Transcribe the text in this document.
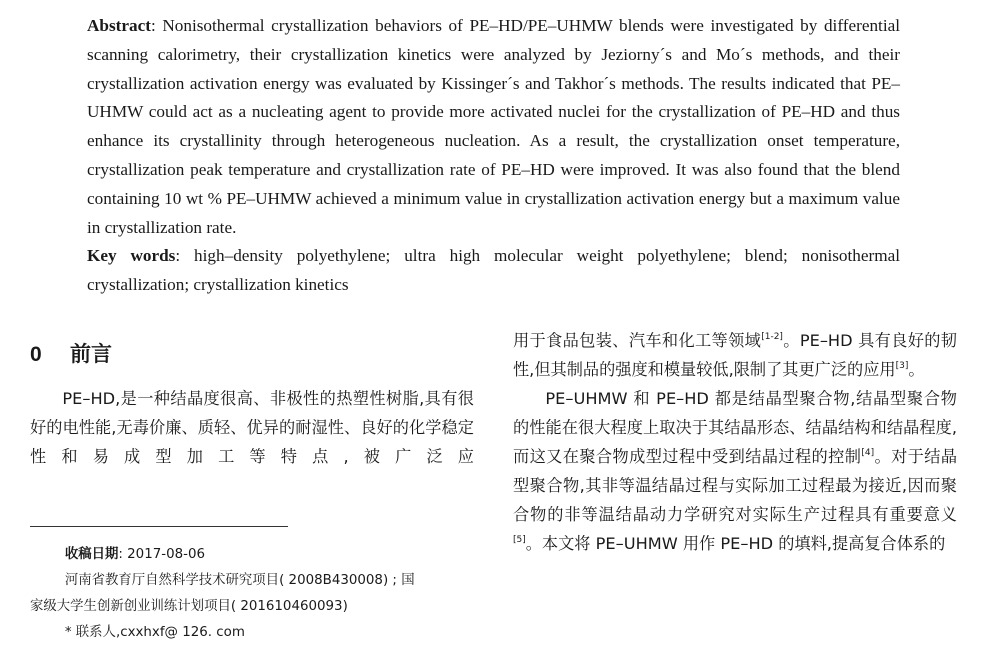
Abstract: Nonisothermal crystallization behaviors of PE–HD/PE–UHMW blends were investigated by differential scanning calorimetry, their crystallization kinetics were analyzed by Jeziorny´s and Mo´s methods, and their crystallization activation energy was evaluated by Kissinger´s and Takhor´s methods. The results indicated that PE–UHMW could act as a nucleating agent to provide more activated nuclei for the crystallization of PE–HD and thus enhance its crystallinity through heterogeneous nucleation. As a result, the crystallization onset temperature, crystallization peak temperature and crystallization rate of PE–HD were improved. It was also found that the blend containing 10 wt % PE–UHMW achieved a minimum value in crystallization activation energy but a maximum value in crystallization rate.

Key words: high–density polyethylene; ultra high molecular weight polyethylene; blend; nonisothermal crystallization; crystallization kinetics

0 前言

PE–HD,是一种结晶度很高、非极性的热塑性树脂,具有很好的电性能,无毒价廉、质轻、优异的耐湿性、良好的化学稳定性和易成型加工等特点,被广泛应

收稿日期: 2017-08-06

河南省教育厅自然科学技术研究项目( 2008B430008) ; 国

家级大学生创新创业训练计划项目( 201610460093)

* 联系人,cxxhxf@ 126. com

用于食品包装、汽车和化工等领域[1-2]。PE–HD 具有良好的韧性,但其制品的强度和模量较低,限制了其更广泛的应用[3]。

PE–UHMW 和 PE–HD 都是结晶型聚合物,结晶型聚合物的性能在很大程度上取决于其结晶形态、结晶结构和结晶程度,而这又在聚合物成型过程中受到结晶过程的控制[4]。对于结晶型聚合物,其非等温结晶过程与实际加工过程最为接近,因而聚合物的非等温结晶动力学研究对实际生产过程具有重要意义[5]。本文将 PE–UHMW 用作 PE–HD 的填料,提高复合体系的
